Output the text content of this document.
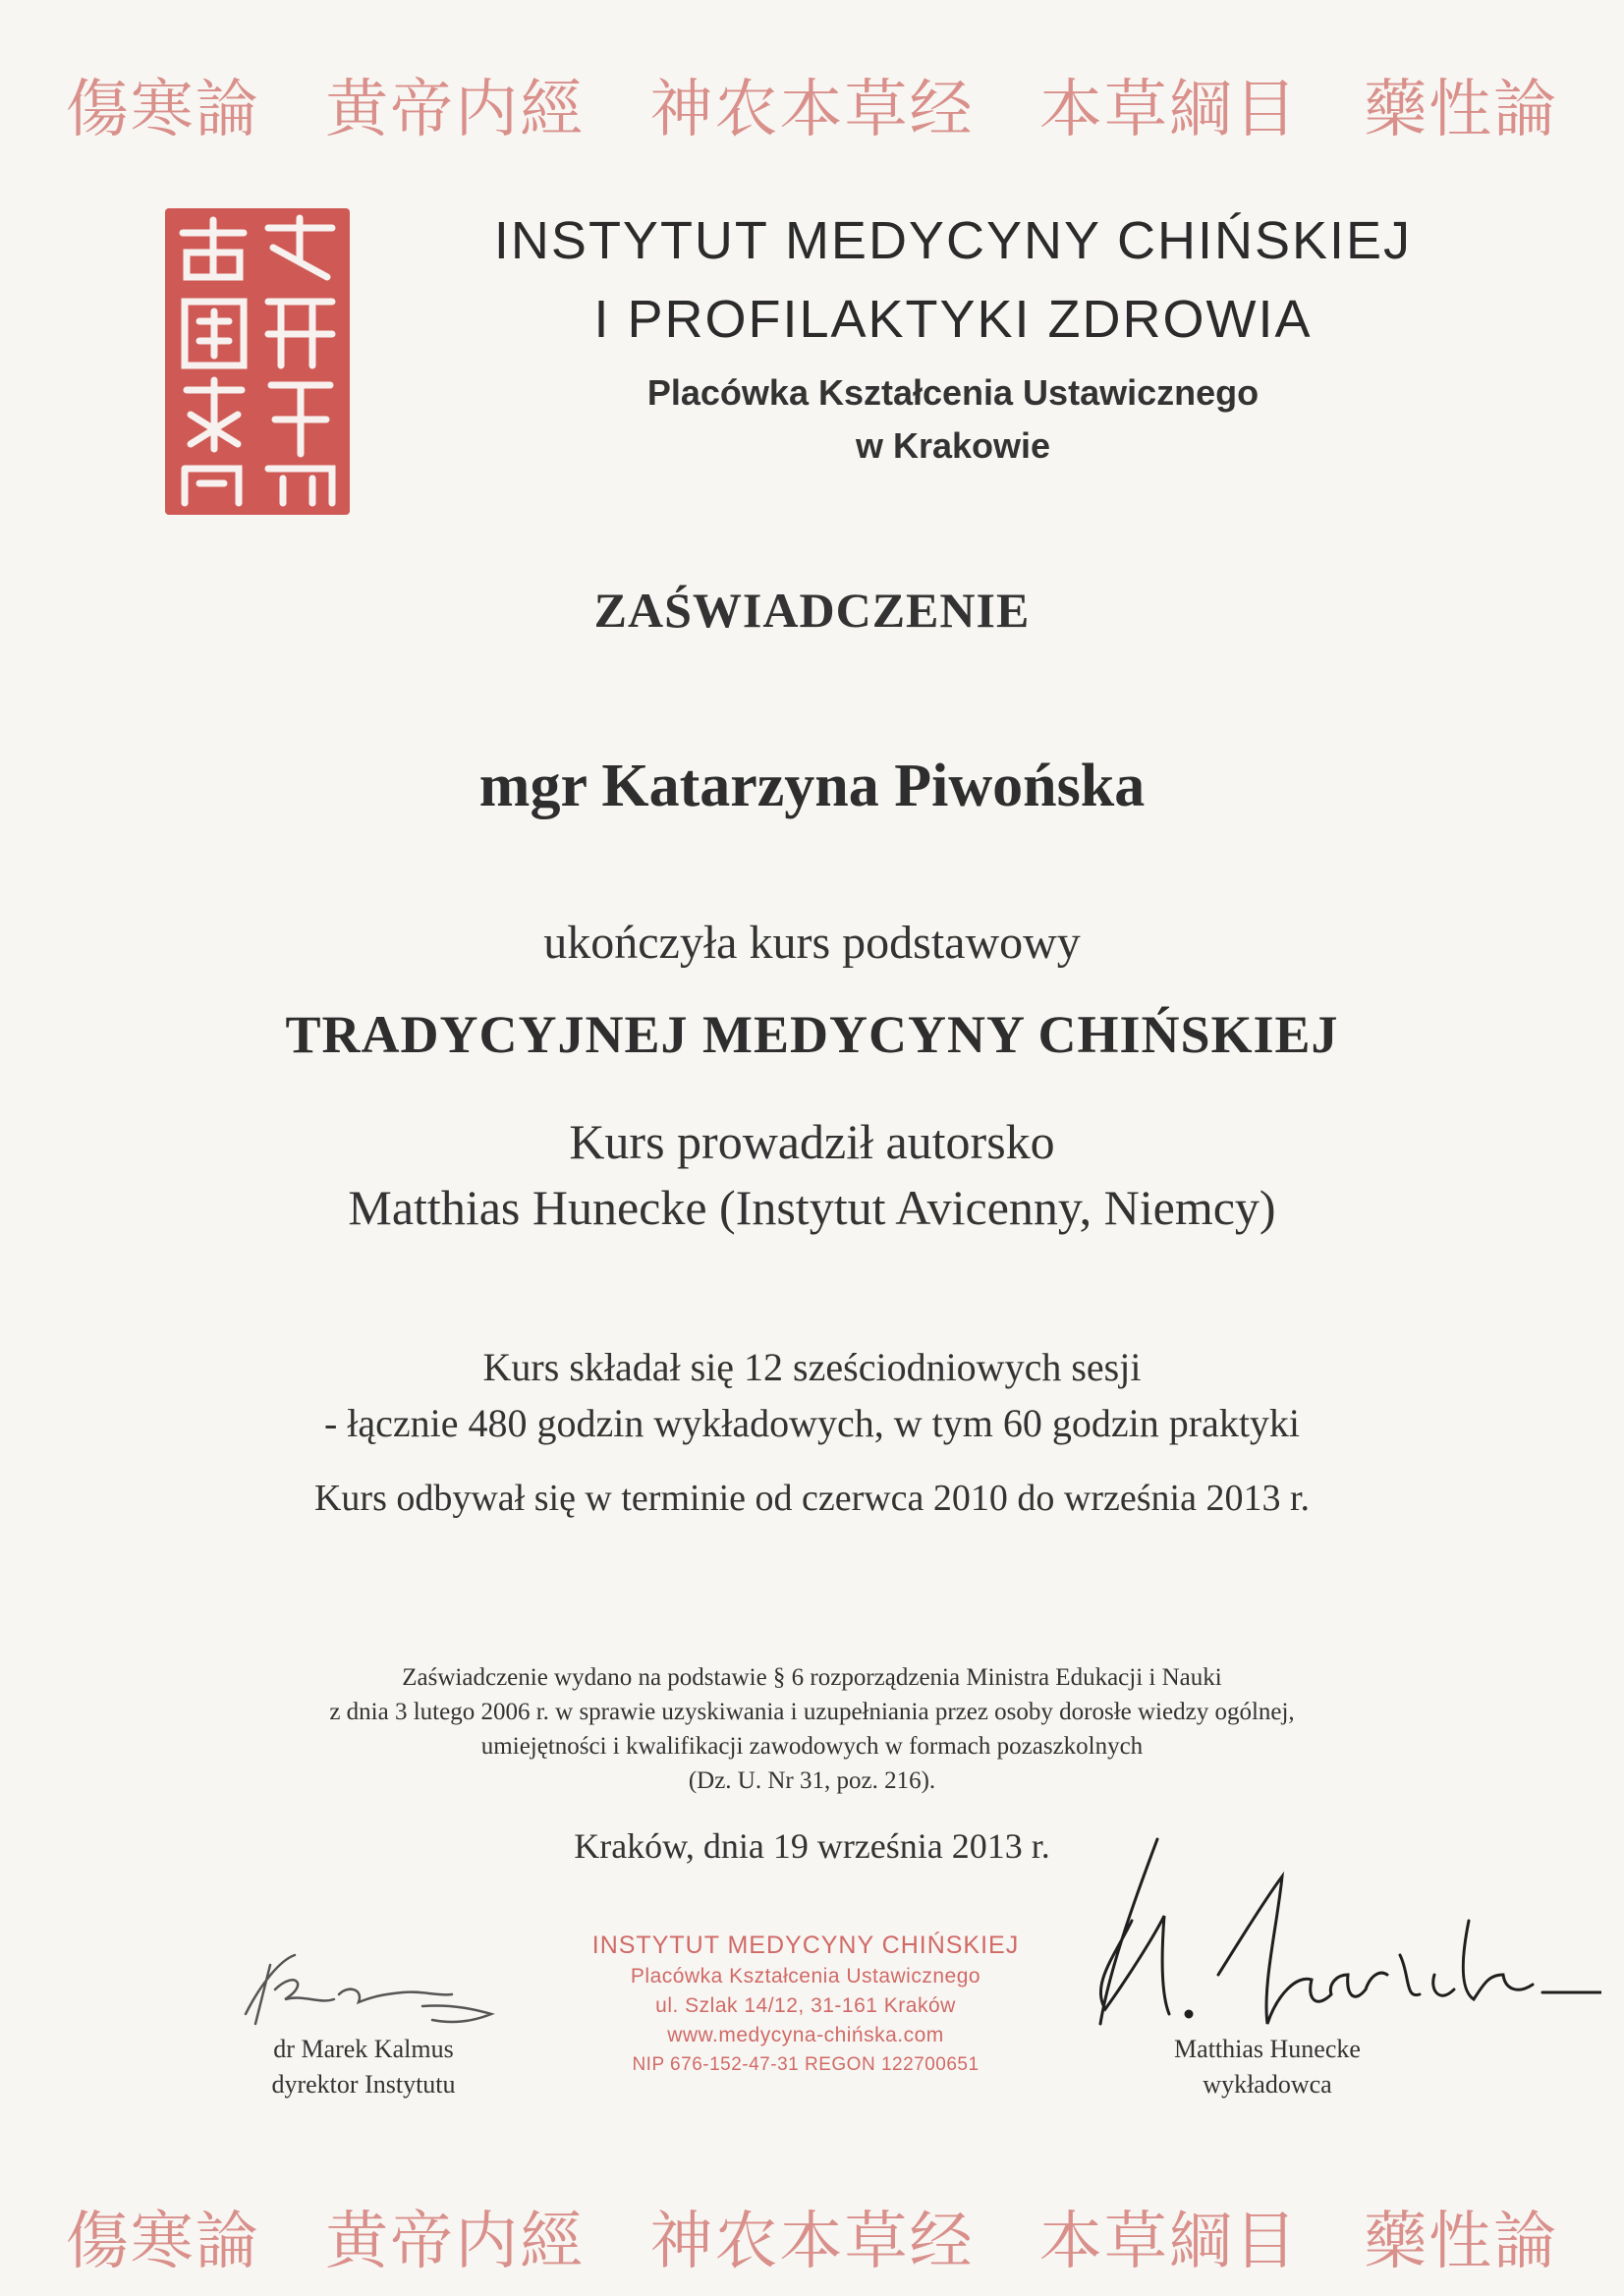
傷寒論 黄帝内經 神农本草经 本草綱目 藥性論
INSTYTUT MEDYCYNY CHIŃSKIEJ
I PROFILAKTYKI ZDROWIA
Placówka Kształcenia Ustawicznego
w Krakowie
ZAŚWIADCZENIE
mgr Katarzyna Piwońska
ukończyła kurs podstawowy
TRADYCYJNEJ MEDYCYNY CHIŃSKIEJ
Kurs prowadził autorsko
Matthias Hunecke (Instytut Avicenny, Niemcy)
Kurs składał się 12 sześciodniowych sesji
- łącznie 480 godzin wykładowych, w tym 60 godzin praktyki
Kurs odbywał się w terminie od czerwca 2010 do września 2013 r.
Zaświadczenie wydano na podstawie § 6 rozporządzenia Ministra Edukacji i Nauki
z dnia 3 lutego 2006 r. w sprawie uzyskiwania i uzupełniania przez osoby dorosłe wiedzy ogólnej,
umiejętności i kwalifikacji zawodowych w formach pozaszkolnych
(Dz. U. Nr 31, poz. 216).
Kraków, dnia 19 września 2013 r.
dr Marek Kalmus
dyrektor Instytutu
INSTYTUT MEDYCYNY CHIŃSKIEJ
Placówka Kształcenia Ustawicznego
ul. Szlak 14/12, 31-161 Kraków
www.medycyna-chińska.com
NIP 676-152-47-31 REGON 122700651
Matthias Hunecke
wykładowca
傷寒論 黄帝内經 神农本草经 本草綱目 藥性論
